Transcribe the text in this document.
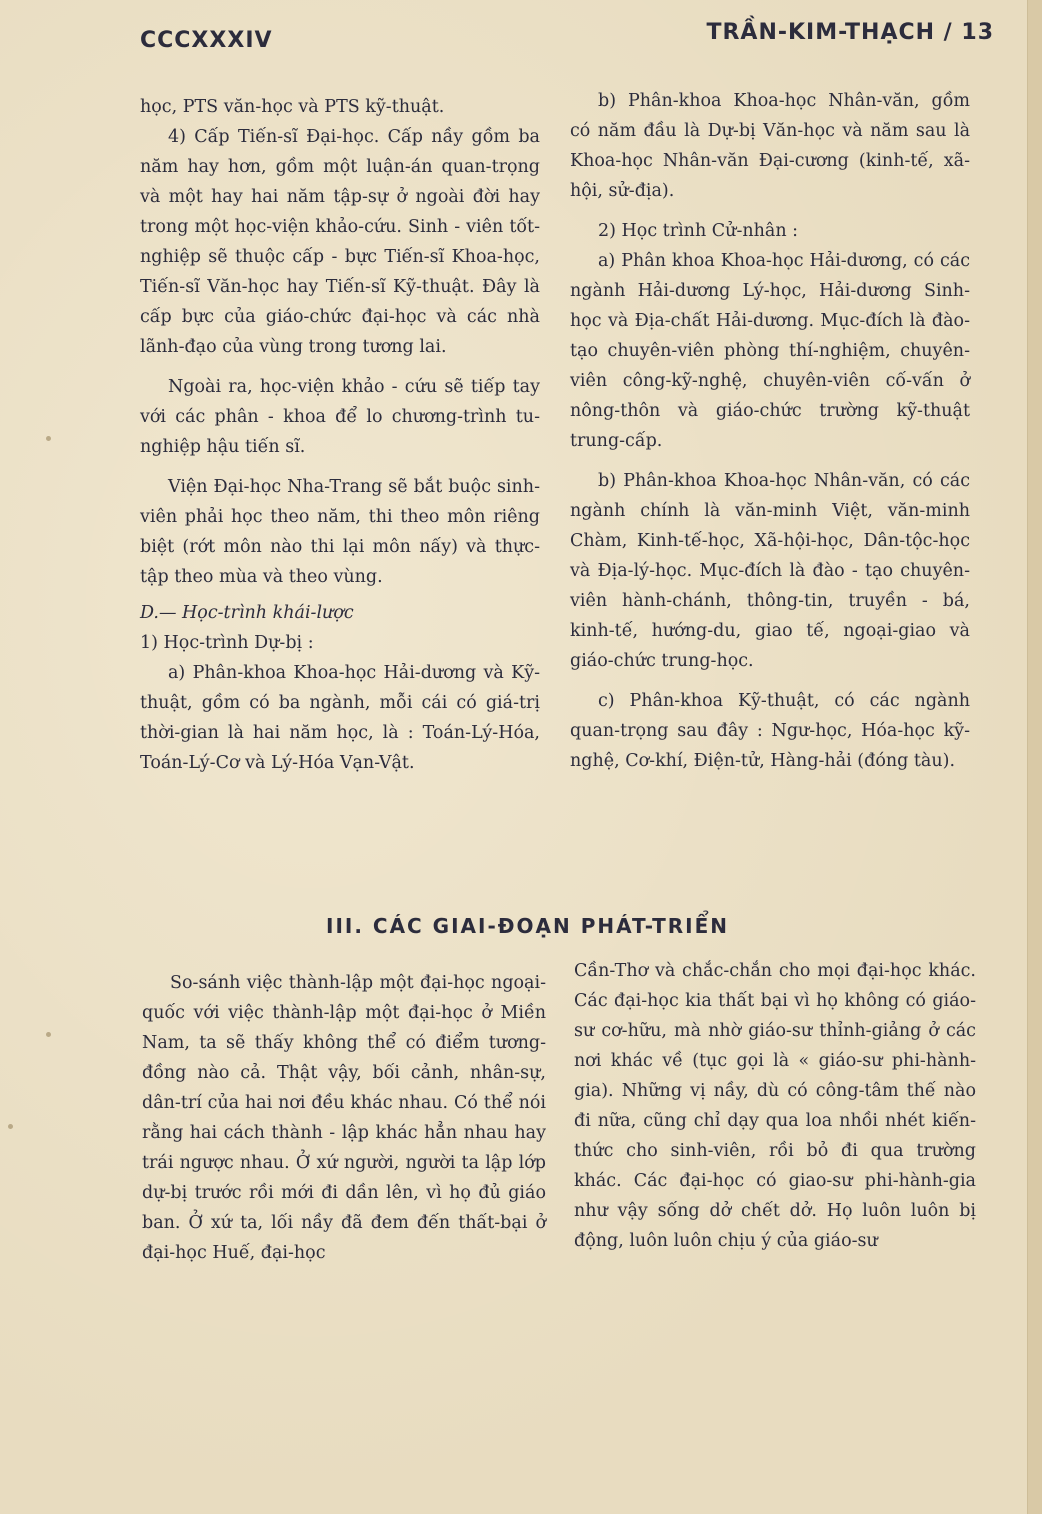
CCCXXXIV	TRẦN-KIM-THẠCH / 13

học, PTS văn-học và PTS kỹ-thuật.

4) Cấp Tiến-sĩ Đại-học. Cấp nầy gồm ba năm hay hơn, gồm một luận-án quan-trọng và một hay hai năm tập-sự ở ngoài đời hay trong một học-viện khảo-cứu. Sinh - viên tốt-nghiệp sẽ thuộc cấp - bực Tiến-sĩ Khoa-học, Tiến-sĩ Văn-học hay Tiến-sĩ Kỹ-thuật. Đây là cấp bực của giáo-chức đại-học và các nhà lãnh-đạo của vùng trong tương lai.

Ngoài ra, học-viện khảo - cứu sẽ tiếp tay với các phân - khoa để lo chương-trình tu-nghiệp hậu tiến sĩ.

Viện Đại-học Nha-Trang sẽ bắt buộc sinh-viên phải học theo năm, thi theo môn riêng biệt (rớt môn nào thi lại môn nấy) và thực-tập theo mùa và theo vùng.

D.— Học-trình khái-lược

1) Học-trình Dự-bị :

a) Phân-khoa Khoa-học Hải-dương và Kỹ-thuật, gồm có ba ngành, mỗi cái có giá-trị thời-gian là hai năm học, là : Toán-Lý-Hóa, Toán-Lý-Cơ và Lý-Hóa Vạn-Vật.

b) Phân-khoa Khoa-học Nhân-văn, gồm có năm đầu là Dự-bị Văn-học và năm sau là Khoa-học Nhân-văn Đại-cương (kinh-tế, xã-hội, sử-địa).

2) Học trình Cử-nhân :

a) Phân khoa Khoa-học Hải-dương, có các ngành Hải-dương Lý-học, Hải-dương Sinh-học và Địa-chất Hải-dương. Mục-đích là đào-tạo chuyên-viên phòng thí-nghiệm, chuyên-viên công-kỹ-nghệ, chuyên-viên cố-vấn ở nông-thôn và giáo-chức trường kỹ-thuật trung-cấp.

b) Phân-khoa Khoa-học Nhân-văn, có các ngành chính là văn-minh Việt, văn-minh Chàm, Kinh-tế-học, Xã-hội-học, Dân-tộc-học và Địa-lý-học. Mục-đích là đào - tạo chuyên-viên hành-chánh, thông-tin, truyền - bá, kinh-tế, hướng-du, giao tế, ngoại-giao và giáo-chức trung-học.

c) Phân-khoa Kỹ-thuật, có các ngành quan-trọng sau đây : Ngư-học, Hóa-học kỹ-nghệ, Cơ-khí, Điện-tử, Hàng-hải (đóng tàu).

III. CÁC GIAI-ĐOẠN PHÁT-TRIỂN

So-sánh việc thành-lập một đại-học ngoại-quốc với việc thành-lập một đại-học ở Miền Nam, ta sẽ thấy không thể có điểm tương-đồng nào cả. Thật vậy, bối cảnh, nhân-sự, dân-trí của hai nơi đều khác nhau. Có thể nói rằng hai cách thành - lập khác hẳn nhau hay trái ngược nhau. Ở xứ người, người ta lập lớp dự-bị trước rồi mới đi dần lên, vì họ đủ giáo ban. Ở xứ ta, lối nầy đã đem đến thất-bại ở đại-học Huế, đại-học

Cần-Thơ và chắc-chắn cho mọi đại-học khác. Các đại-học kia thất bại vì họ không có giáo-sư cơ-hữu, mà nhờ giáo-sư thỉnh-giảng ở các nơi khác về (tục gọi là « giáo-sư phi-hành-gia). Những vị nầy, dù có công-tâm thế nào đi nữa, cũng chỉ dạy qua loa nhồi nhét kiến-thức cho sinh-viên, rồi bỏ đi qua trường khác. Các đại-học có giao-sư phi-hành-gia như vậy sống dở chết dở. Họ luôn luôn bị động, luôn luôn chịu ý của giáo-sư
